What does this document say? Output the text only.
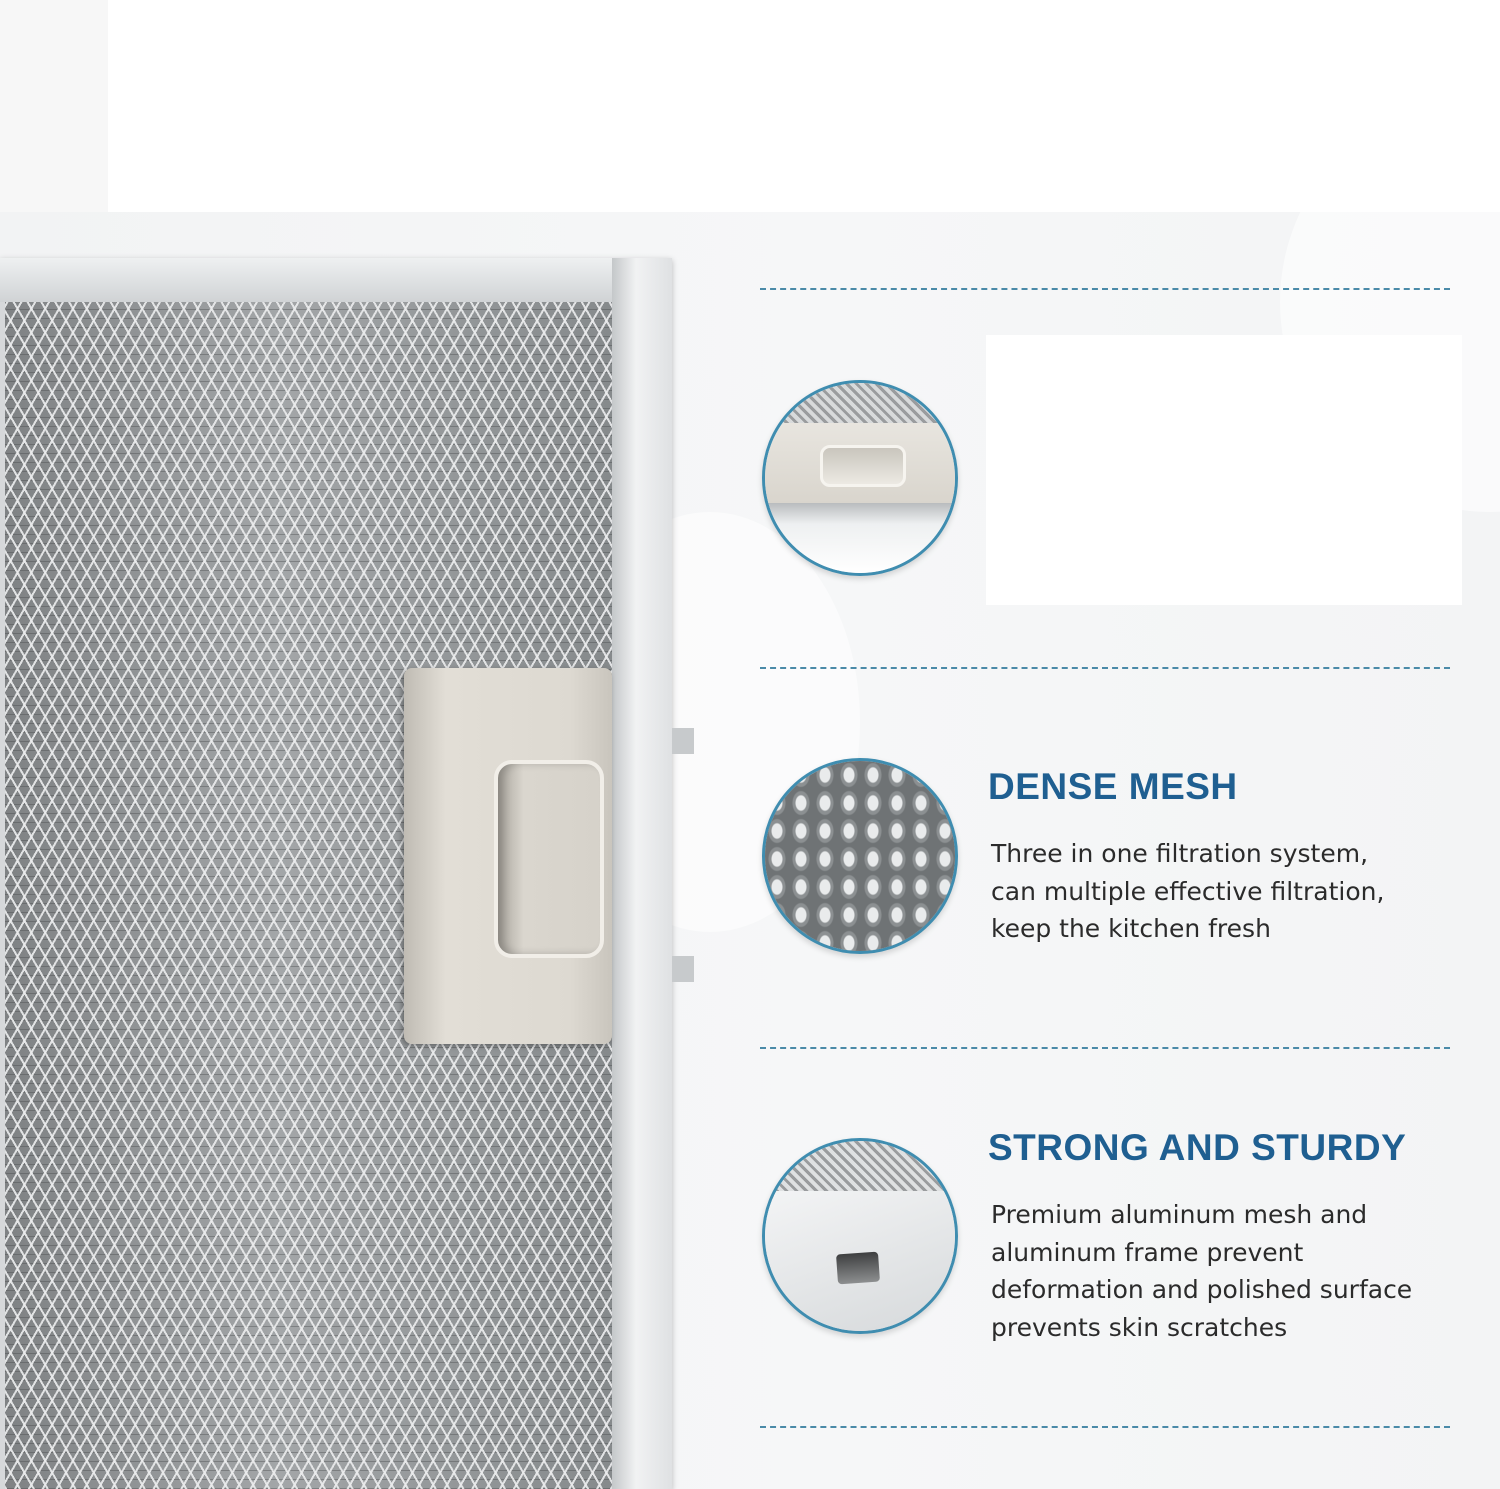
DENSE MESH

Three in one filtration system,
can multiple effective filtration,
keep the kitchen fresh

STRONG AND STURDY

Premium aluminum mesh and
aluminum frame prevent
deformation and polished surface
prevents skin scratches
